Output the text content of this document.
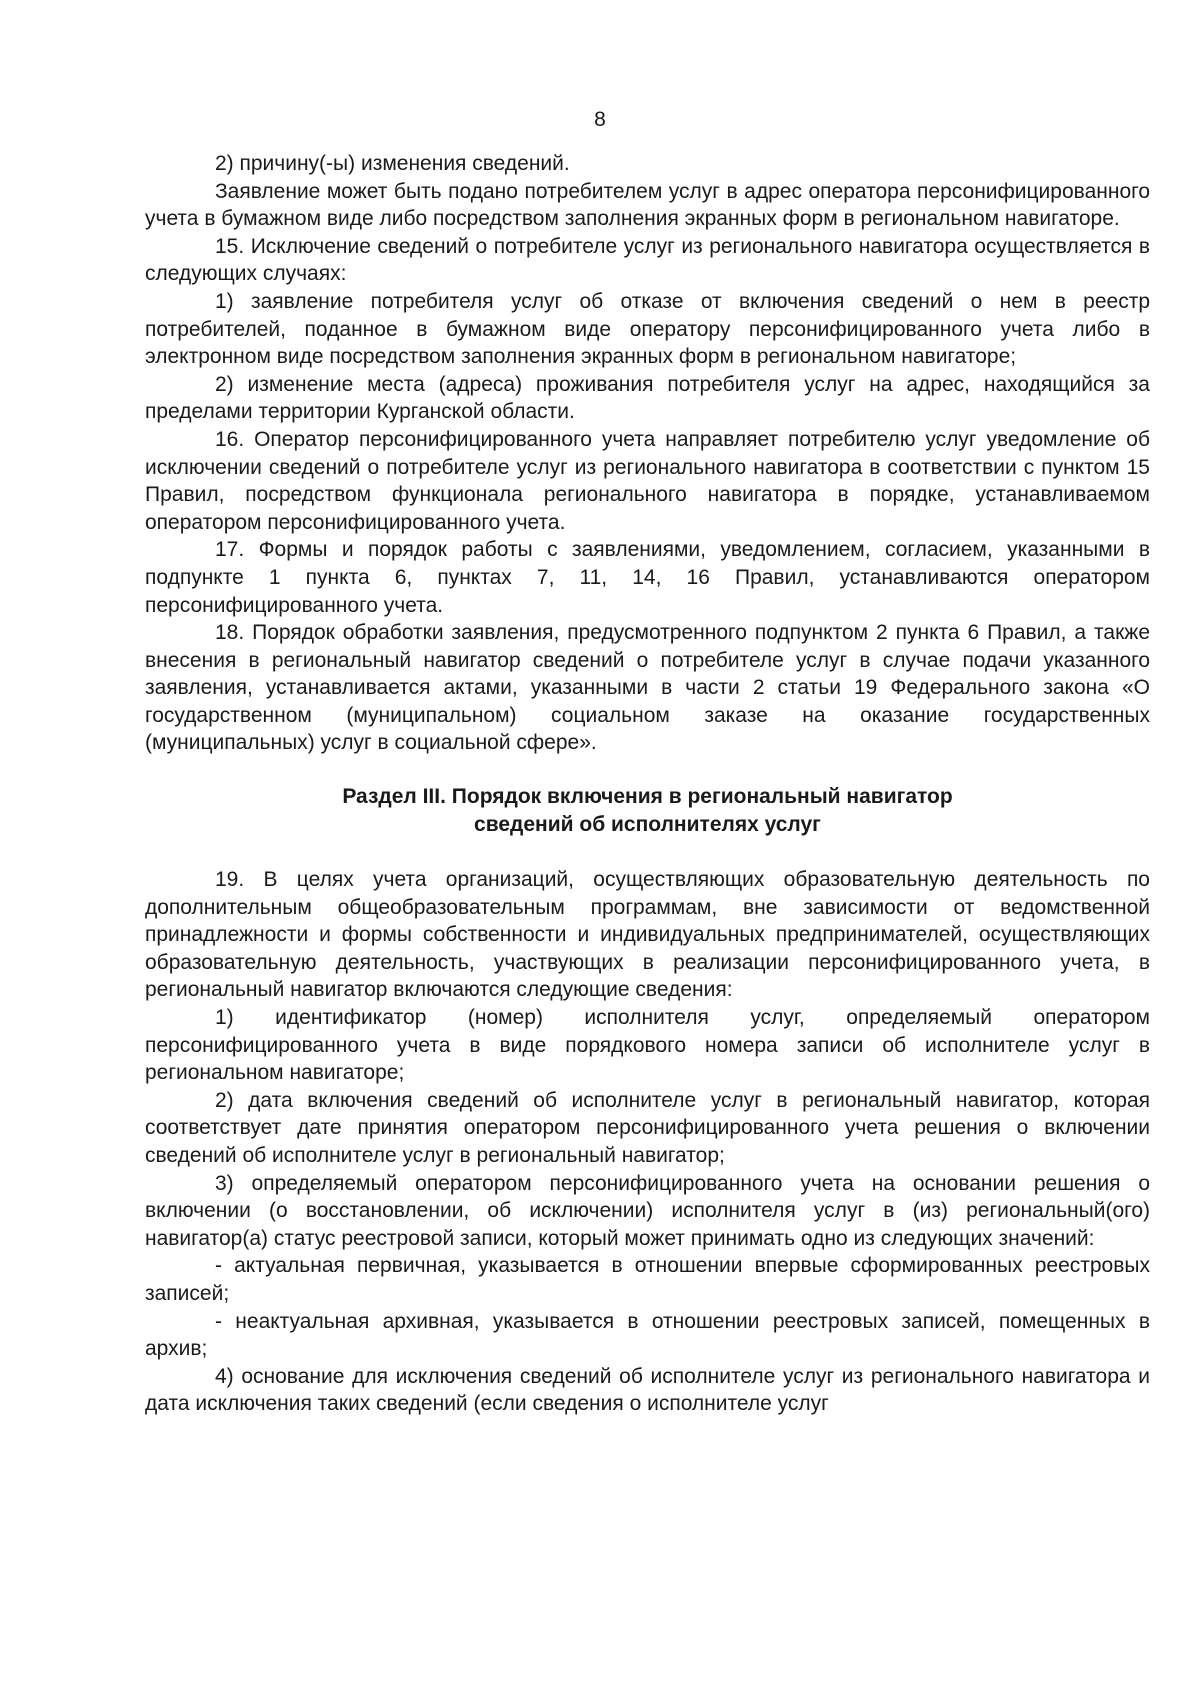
8

2) причину(-ы) изменения сведений.

Заявление может быть подано потребителем услуг в адрес оператора персонифицированного учета в бумажном виде либо посредством заполнения экранных форм в региональном навигаторе.

15. Исключение сведений о потребителе услуг из регионального навигатора осуществляется в следующих случаях:

1) заявление потребителя услуг об отказе от включения сведений о нем в реестр потребителей, поданное в бумажном виде оператору персонифицированного учета либо в электронном виде посредством заполнения экранных форм в региональном навигаторе;

2) изменение места (адреса) проживания потребителя услуг на адрес, находящийся за пределами территории Курганской области.

16. Оператор персонифицированного учета направляет потребителю услуг уведомление об исключении сведений о потребителе услуг из регионального навигатора в соответствии с пунктом 15 Правил, посредством функционала регионального навигатора в порядке, устанавливаемом оператором персонифицированного учета.

17. Формы и порядок работы с заявлениями, уведомлением, согласием, указанными в подпункте 1 пункта 6, пунктах 7, 11, 14, 16 Правил, устанавливаются оператором персонифицированного учета.

18. Порядок обработки заявления, предусмотренного подпунктом 2 пункта 6 Правил, а также внесения в региональный навигатор сведений о потребителе услуг в случае подачи указанного заявления, устанавливается актами, указанными в части 2 статьи 19 Федерального закона «О государственном (муниципальном) социальном заказе на оказание государственных (муниципальных) услуг в социальной сфере».

Раздел III. Порядок включения в региональный навигатор
сведений об исполнителях услуг

19. В целях учета организаций, осуществляющих образовательную деятельность по дополнительным общеобразовательным программам, вне зависимости от ведомственной принадлежности и формы собственности и индивидуальных предпринимателей, осуществляющих образовательную деятельность, участвующих в реализации персонифицированного учета, в региональный навигатор включаются следующие сведения:

1) идентификатор (номер) исполнителя услуг, определяемый оператором персонифицированного учета в виде порядкового номера записи об исполнителе услуг в региональном навигаторе;

2) дата включения сведений об исполнителе услуг в региональный навигатор, которая соответствует дате принятия оператором персонифицированного учета решения о включении сведений об исполнителе услуг в региональный навигатор;

3) определяемый оператором персонифицированного учета на основании решения о включении (о восстановлении, об исключении) исполнителя услуг в (из) региональный(ого) навигатор(а) статус реестровой записи, который может принимать одно из следующих значений:

- актуальная первичная, указывается в отношении впервые сформированных реестровых записей;

- неактуальная архивная, указывается в отношении реестровых записей, помещенных в архив;

4) основание для исключения сведений об исполнителе услуг из регионального навигатора и дата исключения таких сведений (если сведения о исполнителе услуг
